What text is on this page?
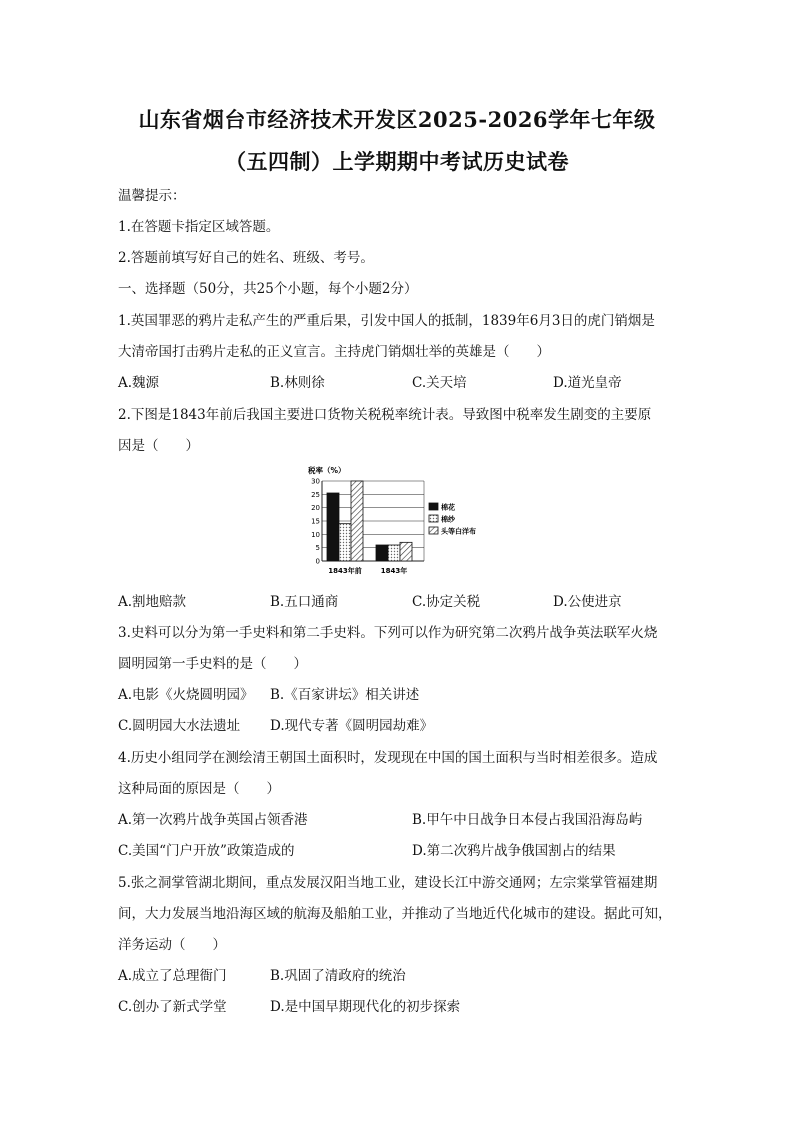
山东省烟台市经济技术开发区2025-2026学年七年级
（五四制）上学期期中考试历史试卷
温馨提示：
1.在答题卡指定区域答题。
2.答题前填写好自己的姓名、班级、考号。
一、选择题（50分，共25个小题，每个小题2分）
1.英国罪恶的鸦片走私产生的严重后果，引发中国人的抵制，1839年6月3日的虎门销烟是
大清帝国打击鸦片走私的正义宣言。主持虎门销烟壮举的英雄是（　　）
A.魏源	B.林则徐	C.关天培	D.道光皇帝
2.下图是1843年前后我国主要进口货物关税税率统计表。导致图中税率发生剧变的主要原
因是（　　）
税率（%）
0
5
10
15
20
25
30
1843年前	1843年
棉花
棉纱
头等白洋布
A.割地赔款	B.五口通商	C.协定关税	D.公使进京
3.史料可以分为第一手史料和第二手史料。下列可以作为研究第二次鸦片战争英法联军火烧
圆明园第一手史料的是（　　）
A.电影《火烧圆明园》 B.《百家讲坛》相关讲述
C.圆明园大水法遗址 D.现代专著《圆明园劫难》
4.历史小组同学在测绘清王朝国土面积时，发现现在中国的国土面积与当时相差很多。造成
这种局面的原因是（　　）
A.第一次鸦片战争英国占领香港	B.甲午中日战争日本侵占我国沿海岛屿
C.美国“门户开放”政策造成的	D.第二次鸦片战争俄国割占的结果
5.张之洞掌管湖北期间，重点发展汉阳当地工业，建设长江中游交通网；左宗棠掌管福建期
间，大力发展当地沿海区域的航海及船舶工业，并推动了当地近代化城市的建设。据此可知，
洋务运动（　　）
A.成立了总理衙门	B.巩固了清政府的统治
C.创办了新式学堂	D.是中国早期现代化的初步探索
